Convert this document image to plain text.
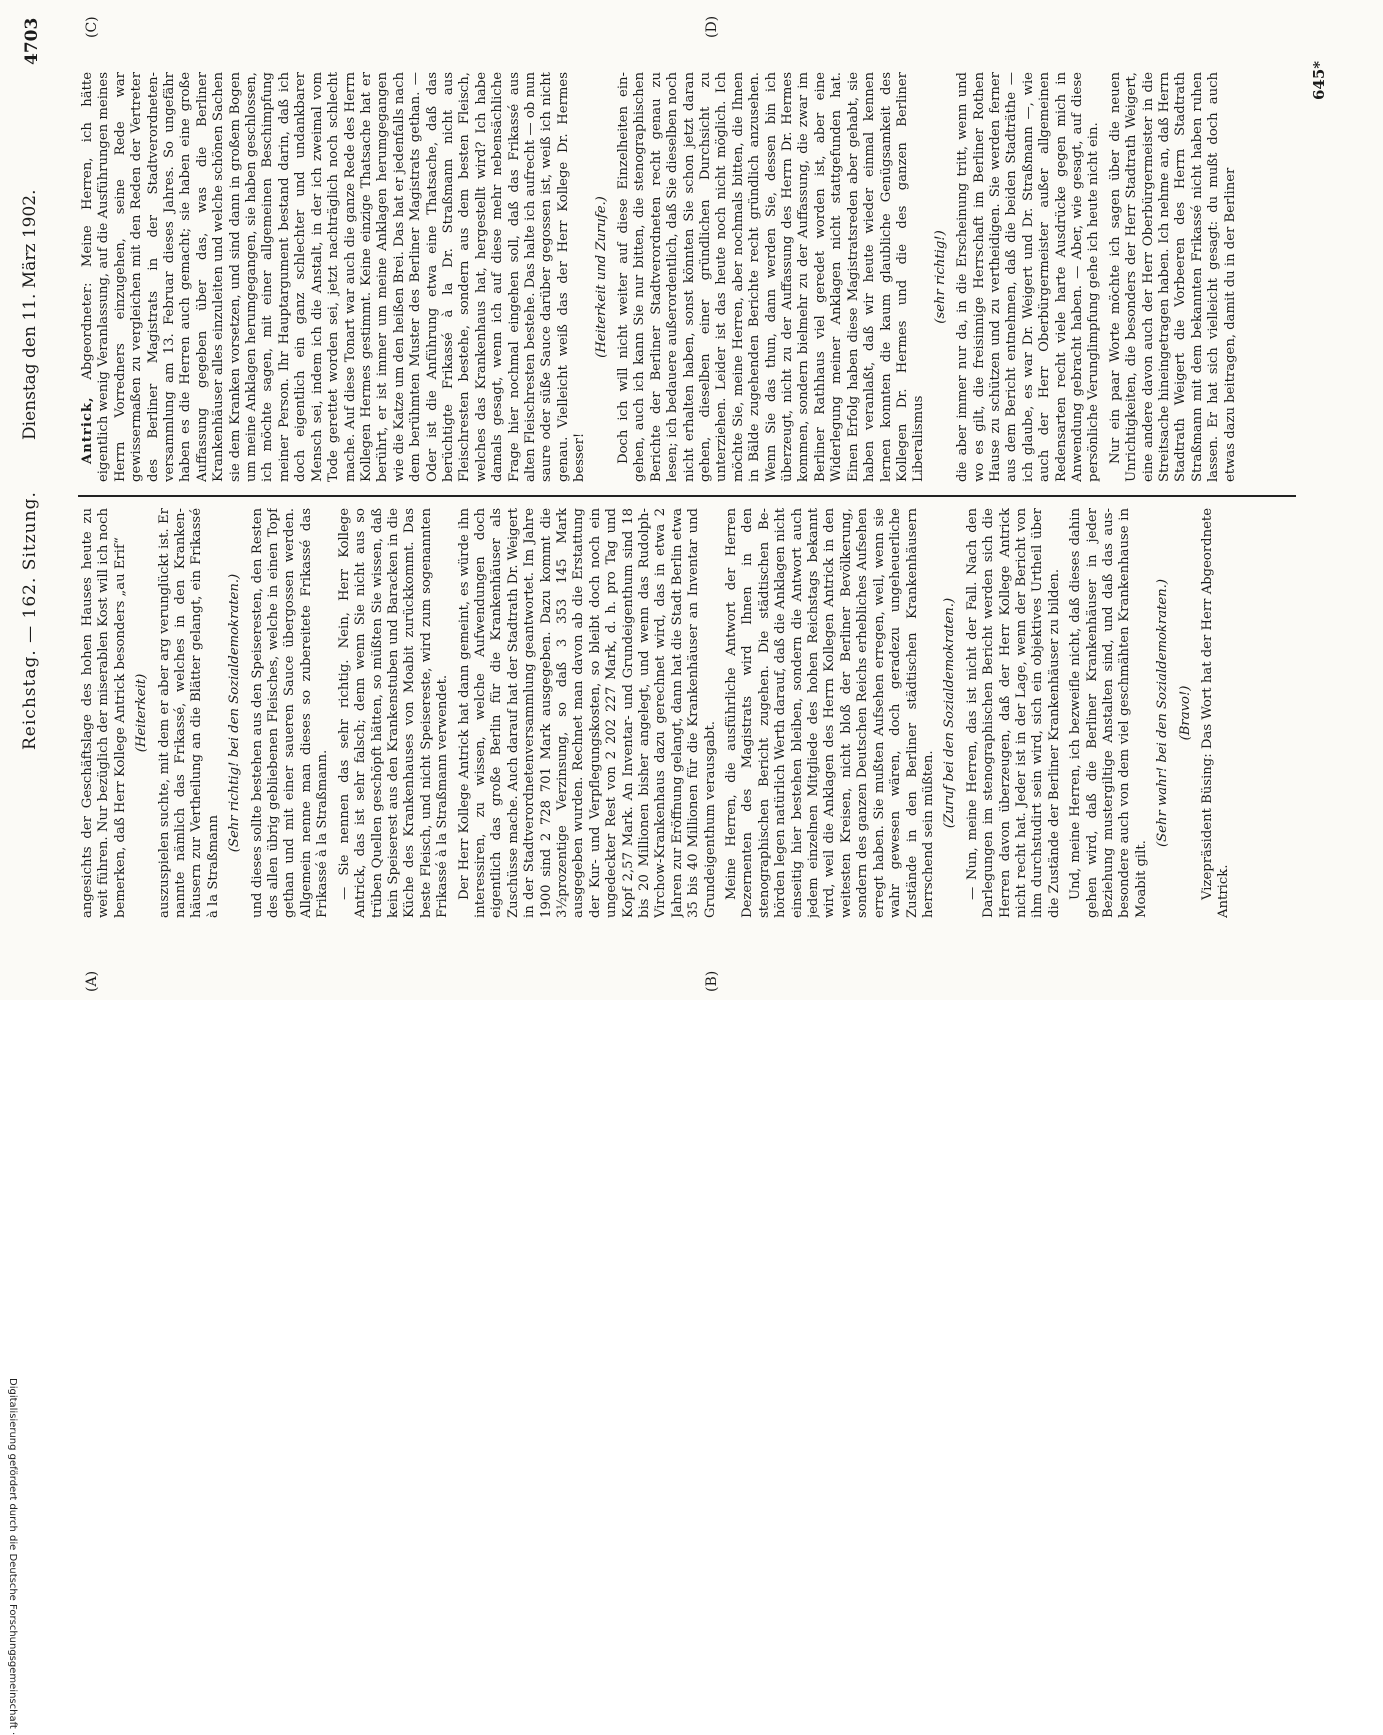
Reichstag. — 162. Sitzung.
Dienstag den 11. März 1902.
4703
(A)	(B)
(C)	(D)

angesichts der Geschäftslage des hohen Hauses heute zu weit führen. Nur bezüglich der miserablen Kost will ich noch bemerken, daß Herr Kollege Antrick besonders „au Erif“ (Heiterkeit) auszuspielen suchte, mit dem er aber arg verunglückt ist. Er nannte nämlich das Frikassé, welches in den Krankenhäusern zur Vertheilung an die Blätter gelangt, ein Frikassé à la Straßmann

(Sehr richtig! bei den Sozialdemokraten.) und dieses sollte bestehen aus den Speiseresten, den Resten des allen übrig gebliebenen Fleisches, welche in einen Topf gethan und mit einer saueren Sauce übergossen werden. Allgemein nenne man dieses so zubereitete Frikassé das Frikassé à la Straßmann. — Sie nennen das sehr richtig. Nein, Herr Kollege Antrick, das ist sehr falsch; denn wenn Sie nicht aus so trüben Quellen geschöpft hätten, so müßten Sie wissen, daß kein Speiserest aus den Krankenstuben und Baracken in die Küche des Krankenhauses von Moabit zurückkommt. Das beste Fleisch, und nicht Speisereste, wird zum sogenannten Frikassé à la Straßmann verwendet. Der Herr Kollege Antrick hat dann gemeint, es würde ihn interessiren, zu wissen, welche Aufwendungen doch eigentlich das große Berlin für die Krankenhäuser als Zuschüsse mache. Auch darauf hat der Stadtrath Dr. Weigert in der Stadtverordnetenversammlung geantwortet. Im Jahre 1900 sind 2 728 701 Mark ausgegeben. Dazu kommt die 3½prozentige Verzinsung, so daß 3 353 145 Mark ausgegeben wurden. Rechnet man davon ab die Erstattung der Kur- und Verpflegungskosten, so bleibt doch noch ein ungedeckter Rest von 2 202 227 Mark, d. h. pro Tag und Kopf 2,57 Mark. An Inventar- und Grundeigenthum sind 18 bis 20 Millionen bisher angelegt, und wenn das Rudolph-Virchow-Krankenhaus dazu gerechnet wird, das in etwa 2 Jahren zur Eröffnung gelangt, dann hat die Stadt Berlin etwa 35 bis 40 Millionen für die Krankenhäuser an Inventar und Grundeigenthum verausgabt. Meine Herren, die ausführliche Antwort der Herren Dezernenten des Magistrats wird Ihnen in den stenographischen Bericht zugehen. Die städtischen Behörden legen natürlich Werth darauf, daß die Anklagen nicht einseitig hier bestehen bleiben, sondern die Antwort auch jedem einzelnen Mitgliede des hohen Reichstags bekannt wird, weil die Anklagen des Herrn Kollegen Antrick in den weitesten Kreisen, nicht bloß der Berliner Bevölkerung, sondern des ganzen Deutschen Reichs erhebliches Aufsehen erregt haben. Sie mußten Aufsehen erregen, weil, wenn sie wahr gewesen wären, doch geradezu ungeheuerliche Zustände in den Berliner städtischen Krankenhäusern herrschend sein müßten.

(Zuruf bei den Sozialdemokraten.) — Nun, meine Herren, das ist nicht der Fall. Nach den Darlegungen im stenographischen Bericht werden sich die Herren davon überzeugen, daß der Herr Kollege Antrick nicht recht hat. Jeder ist in der Lage, wenn der Bericht von ihm durchstudirt sein wird, sich ein objektives Urtheil über die Zustände der Berliner Krankenhäuser zu bilden. Und, meine Herren, ich bezweifle nicht, daß dieses dahin gehen wird, daß die Berliner Krankenhäuser in jeder Beziehung mustergiltige Anstalten sind, und daß das ausbesondere auch von dem viel geschmähten Krankenhause in Moabit gilt.

(Sehr wahr! bei den Sozialdemokraten.) (Bravo!) Vizepräsident Büsing: Das Wort hat der Herr Abgeordnete Antrick.

Antrick, Abgeordneter: Meine Herren, ich hätte eigentlich wenig Veranlassung, auf die Ausführungen meines Herrn Vorredners einzugehen, seine Rede war gewissermaßen zu vergleichen mit den Reden der Vertreter des Berliner Magistrats in der Stadtverordnetenversammlung am 13. Februar dieses Jahres. So ungefähr haben es die Herren auch gemacht; sie haben eine große Auffassung gegeben über das, was die Berliner Krankenhäuser alles einzuleiten und welche schönen Sachen sie dem Kranken vorsetzen, und sind dann in großem Bogen um meine Anklagen herumgegangen, sie haben geschlossen, ich möchte sagen, mit einer allgemeinen Beschimpfung meiner Person. Ihr Hauptargument bestand darin, daß ich doch eigentlich ein ganz schlechter und undankbarer Mensch sei, indem ich die Anstalt, in der ich zweimal vom Tode gerettet worden sei, jetzt nachträglich noch schlecht mache. Auf diese Tonart war auch die ganze Rede des Herrn Kollegen Hermes gestimmt. Keine einzige Thatsache hat er berührt, er ist immer um meine Anklagen herumgegangen wie die Katze um den heißen Brei. Das hat er jedenfalls nach dem berühmten Muster des Berliner Magistrats gethan. — Oder ist die Anführung etwa eine Thatsache, daß das berüchtigte Frikassé à la Dr. Straßmann nicht aus Fleischresten bestehe, sondern aus dem besten Fleisch, welches das Krankenhaus hat, hergestellt wird? Ich habe damals gesagt, wenn ich auf diese mehr nebensächliche Frage hier nochmal eingehen soll, daß das Frikassé aus alten Fleischresten bestehe. Das halte ich aufrecht — ob nun saure oder süße Sauce darüber gegossen ist, weiß ich nicht genau. Vielleicht weiß das der Herr Kollege Dr. Hermes besser!

(Heiterkeit und Zurufe.) Doch ich will nicht weiter auf diese Einzelheiten eingehen, auch ich kann Sie nur bitten, die stenographischen Berichte der Berliner Stadtverordneten recht genau zu lesen; ich bedauere außerordentlich, daß Sie dieselben noch nicht erhalten haben, sonst könnten Sie schon jetzt daran gehen, dieselben einer gründlichen Durchsicht zu unterziehen. Leider ist das heute noch nicht möglich. Ich möchte Sie, meine Herren, aber nochmals bitten, die Ihnen in Bälde zugehenden Berichte recht gründlich anzusehen. Wenn Sie das thun, dann werden Sie, dessen bin ich überzeugt, nicht zu der Auffassung des Herrn Dr. Hermes kommen, sondern bielmehr zu der Auffassung, die zwar im Berliner Rathhaus viel geredet worden ist, aber eine Widerlegung meiner Anklagen nicht stattgefunden hat. Einen Erfolg haben diese Magistratsreden aber gehabt, sie haben veranlaßt, daß wir heute wieder einmal kennen lernen konnten die kaum glaubliche Genügsamkeit des Kollegen Dr. Hermes und die des ganzen Berliner Liberalismus

(sehr richtig!) die aber immer nur da, in die Erscheinung tritt, wenn und wo es gilt, die freisinnige Herrschaft im Berliner Rothen Hause zu schützen und zu vertheidigen. Sie werden ferner aus dem Bericht entnehmen, daß die beiden Stadträthe — ich glaube, es war Dr. Weigert und Dr. Straßmann —, wie auch der Herr Oberbürgermeister außer allgemeinen Redensarten recht viele harte Ausdrücke gegen mich in Anwendung gebracht haben. — Aber, wie gesagt, auf diese persönliche Verunglimpfung gehe ich heute nicht ein. Nur ein paar Worte möchte ich sagen über die neuen Unrichtigkeiten, die besonders der Herr Stadtrath Weigert, eine andere davon auch der Herr Oberbürgermeister in die Streitsache hineingetragen haben. Ich nehme an, daß Herrn Stadtrath Weigert die Vorbeeren des Herrn Stadtrath Straßmann mit dem bekannten Frikassé nicht haben ruhen lassen. Er hat sich vielleicht gesagt: du mußt doch auch etwas dazu beitragen, damit du in der Berliner

645*
Digitalisierung gefördert durch die Deutsche Forschungsgemeinschaft ·
